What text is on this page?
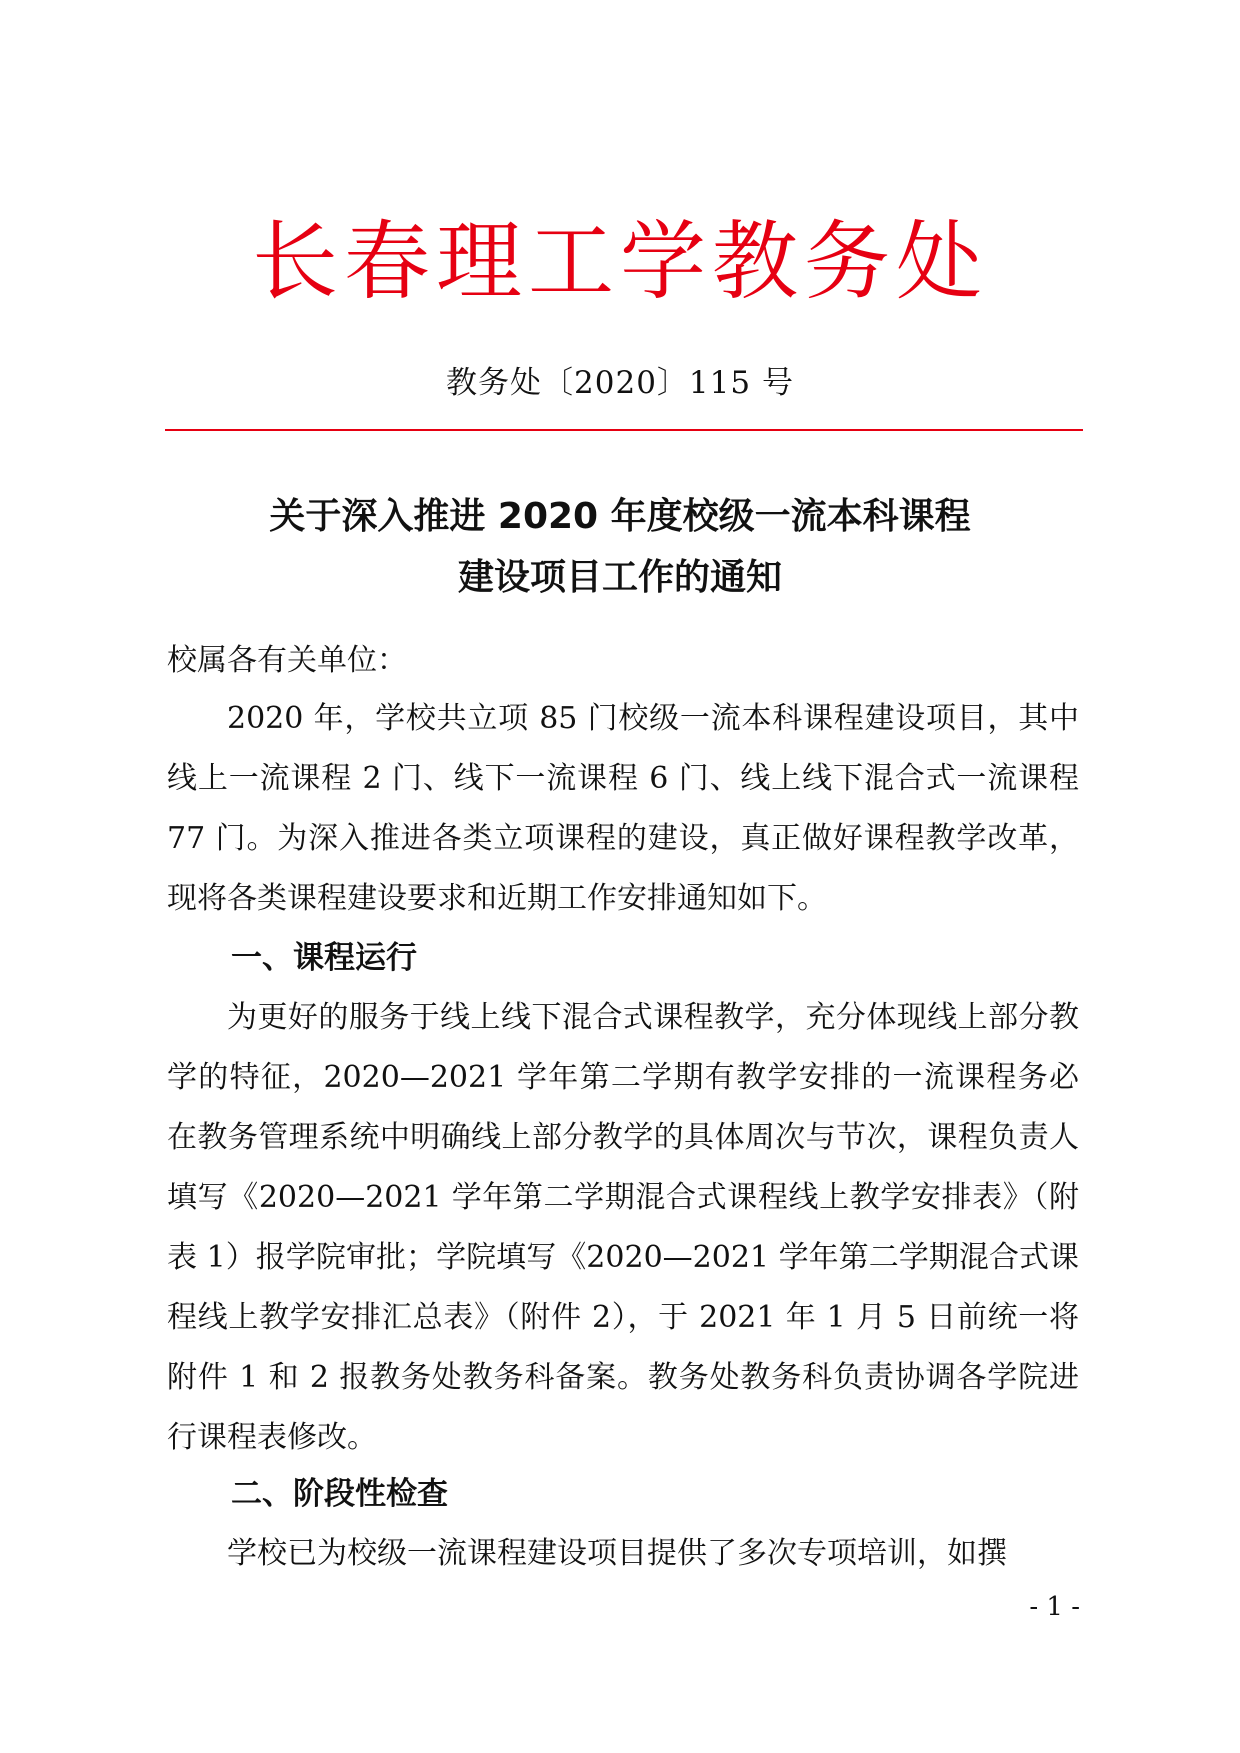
长春理工学教务处
教务处〔2020〕115 号
关于深入推进 2020 年度校级一流本科课程
建设项目工作的通知
校属各有关单位：
2020 年，学校共立项 85 门校级一流本科课程建设项目，其中线上一流课程 2 门、线下一流课程 6 门、线上线下混合式一流课程 77 门。为深入推进各类立项课程的建设，真正做好课程教学改革，现将各类课程建设要求和近期工作安排通知如下。
一、课程运行
为更好的服务于线上线下混合式课程教学，充分体现线上部分教学的特征，2020—2021 学年第二学期有教学安排的一流课程务必在教务管理系统中明确线上部分教学的具体周次与节次，课程负责人填写《2020—2021 学年第二学期混合式课程线上教学安排表》（附表 1）报学院审批；学院填写《2020—2021 学年第二学期混合式课程线上教学安排汇总表》（附件 2），于 2021 年 1 月 5 日前统一将附件 1 和 2 报教务处教务科备案。教务处教务科负责协调各学院进行课程表修改。
二、阶段性检查
学校已为校级一流课程建设项目提供了多次专项培训，如撰
- 1 -
